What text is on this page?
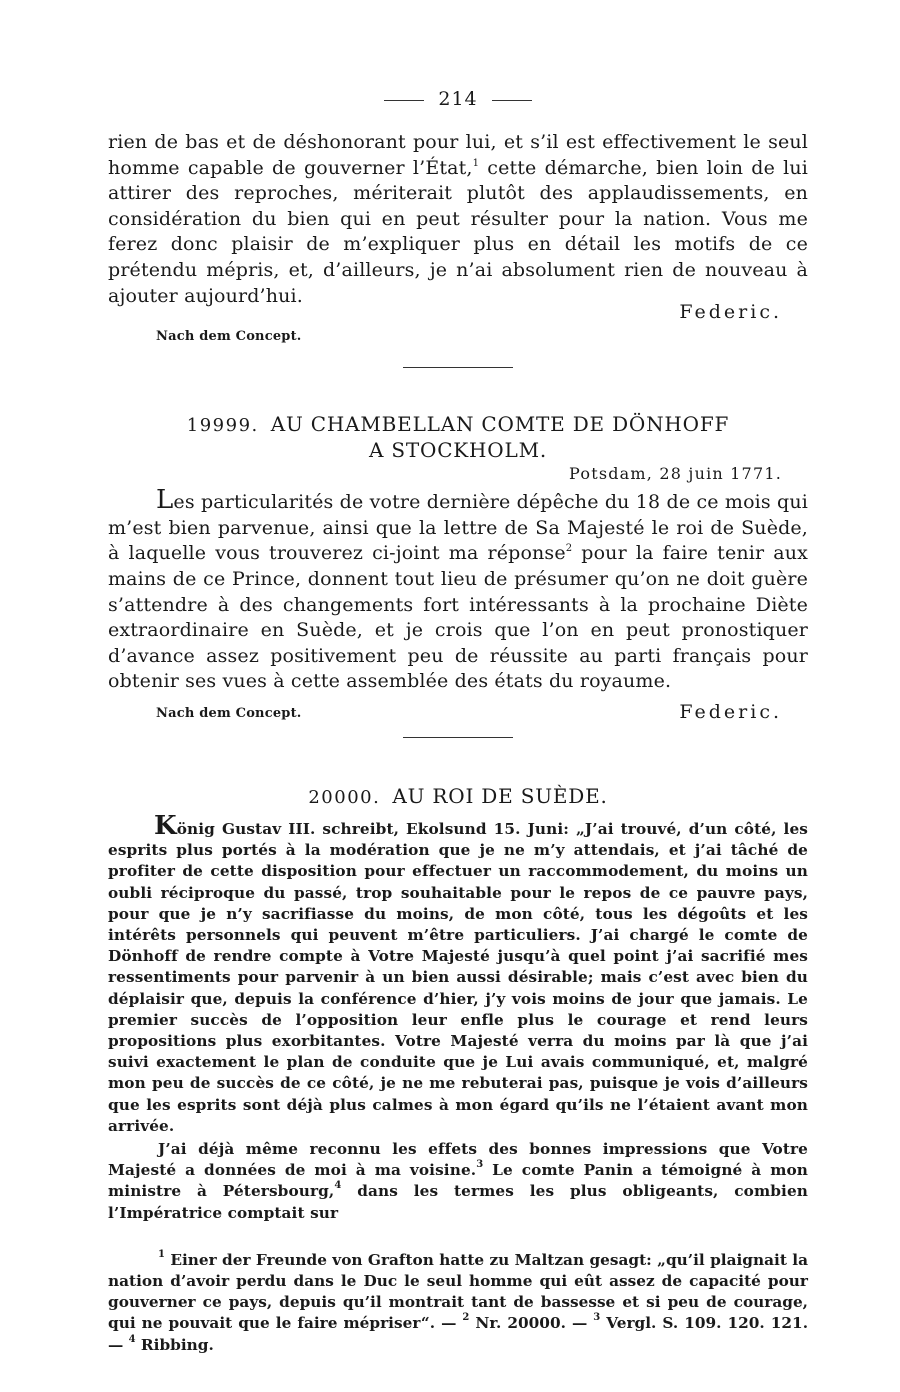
214

rien de bas et de déshonorant pour lui, et s’il est effectivement le seul homme capable de gouverner l’État,$^1$ cette démarche, bien loin de lui attirer des reproches, mériterait plutôt des applaudissements, en considération du bien qui en peut résulter pour la nation. Vous me ferez donc plaisir de m’expliquer plus en détail les motifs de ce prétendu mépris, et, d’ailleurs, je n’ai absolument rien de nouveau à ajouter aujourd’hui.

Federic.
Nach dem Concept.
19999. AU CHAMBELLAN COMTE DE DÖNHOFF
A STOCKHOLM.
Potsdam, 28 juin 1771.

Les particularités de votre dernière dépêche du 18 de ce mois qui m’est bien parvenue, ainsi que la lettre de Sa Majesté le roi de Suède, à laquelle vous trouverez ci-joint ma réponse$^2$ pour la faire tenir aux mains de ce Prince, donnent tout lieu de présumer qu’on ne doit guère s’attendre à des changements fort intéressants à la prochaine Diète extraordinaire en Suède, et je crois que l’on en peut pronostiquer d’avance assez positivement peu de réussite au parti français pour obtenir ses vues à cette assemblée des états du royaume.

Nach dem Concept.	Federic.
20000. AU ROI DE SUÈDE.

König Gustav III. schreibt, Ekolsund 15. Juni: „J’ai trouvé, d’un côté, les esprits plus portés à la modération que je ne m’y attendais, et j’ai tâché de profiter de cette disposition pour effectuer un raccommodement, du moins un oubli réciproque du passé, trop souhaitable pour le repos de ce pauvre pays, pour que je n’y sacrifiasse du moins, de mon côté, tous les dégoûts et les intérêts personnels qui peuvent m’être particuliers. J’ai chargé le comte de Dönhoff de rendre compte à Votre Majesté jusqu’à quel point j’ai sacrifié mes ressentiments pour parvenir à un bien aussi désirable; mais c’est avec bien du déplaisir que, depuis la conférence d’hier, j’y vois moins de jour que jamais. Le premier succès de l’opposition leur enfle plus le courage et rend leurs propositions plus exorbitantes. Votre Majesté verra du moins par là que j’ai suivi exactement le plan de conduite que je Lui avais communiqué, et, malgré mon peu de succès de ce côté, je ne me rebuterai pas, puisque je vois d’ailleurs que les esprits sont déjà plus calmes à mon égard qu’ils ne l’étaient avant mon arrivée.

J’ai déjà même reconnu les effets des bonnes impressions que Votre Majesté a données de moi à ma voisine.$^3$ Le comte Panin a témoigné à mon ministre à Pétersbourg,$^4$ dans les termes les plus obligeants, combien l’Impératrice comptait sur

$^1$ Einer der Freunde von Grafton hatte zu Maltzan gesagt: „qu’il plaignait la nation d’avoir perdu dans le Duc le seul homme qui eût assez de capacité pour gouverner ce pays, depuis qu’il montrait tant de bassesse et si peu de courage, qui ne pouvait que le faire mépriser“. — $^2$ Nr. 20000. — $^3$ Vergl. S. 109. 120. 121. — $^4$ Ribbing.
